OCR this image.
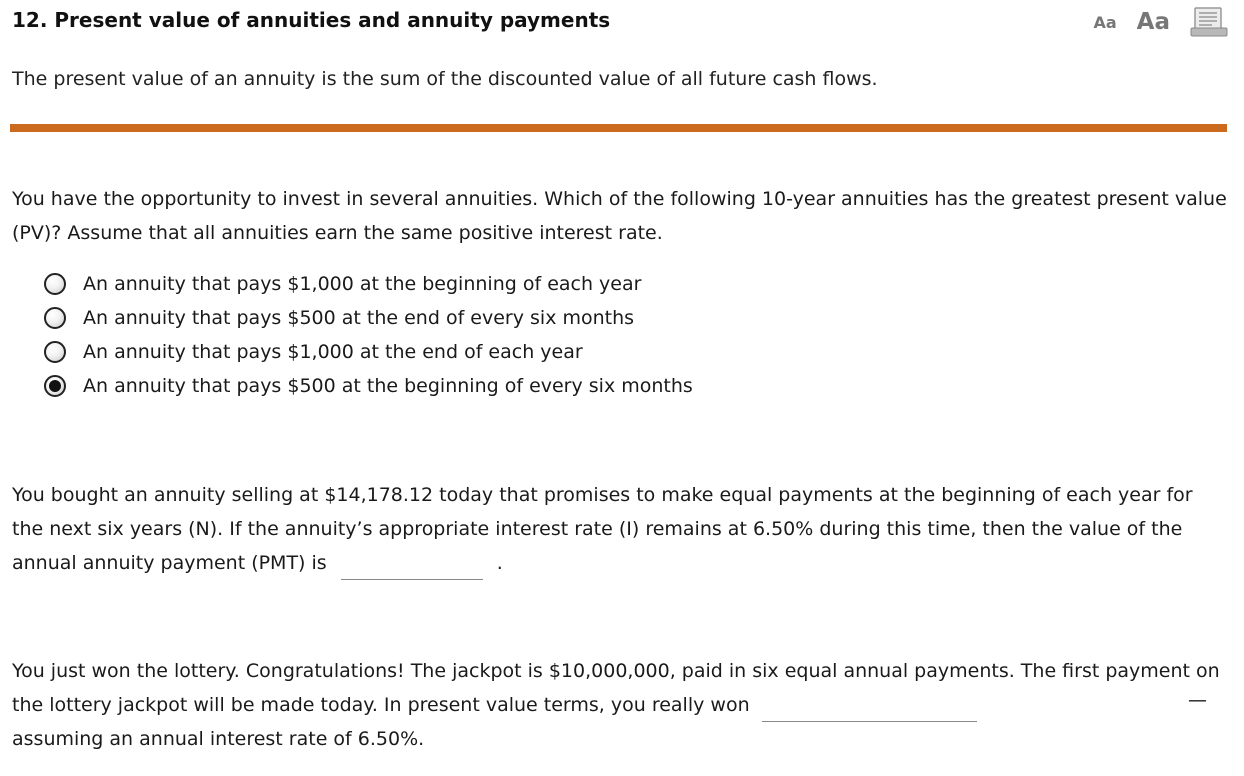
12. Present value of annuities and annuity payments	Aa Aa
The present value of an annuity is the sum of the discounted value of all future cash flows.
You have the opportunity to invest in several annuities. Which of the following 10-year annuities has the greatest present value (PV)? Assume that all annuities earn the same positive interest rate.
An annuity that pays $1,000 at the beginning of each year
An annuity that pays $500 at the end of every six months
An annuity that pays $1,000 at the end of each year
An annuity that pays $500 at the beginning of every six months
You bought an annuity selling at $14,178.12 today that promises to make equal payments at the beginning of each year for the next six years (N). If the annuity’s appropriate interest rate (I) remains at 6.50% during this time, then the value of the annual annuity payment (PMT) is	.
You just won the lottery. Congratulations! The jackpot is $10,000,000, paid in six equal annual payments. The first payment on the lottery jackpot will be made today. In present value terms, you really won
assuming an annual interest rate of 6.50%.
—
